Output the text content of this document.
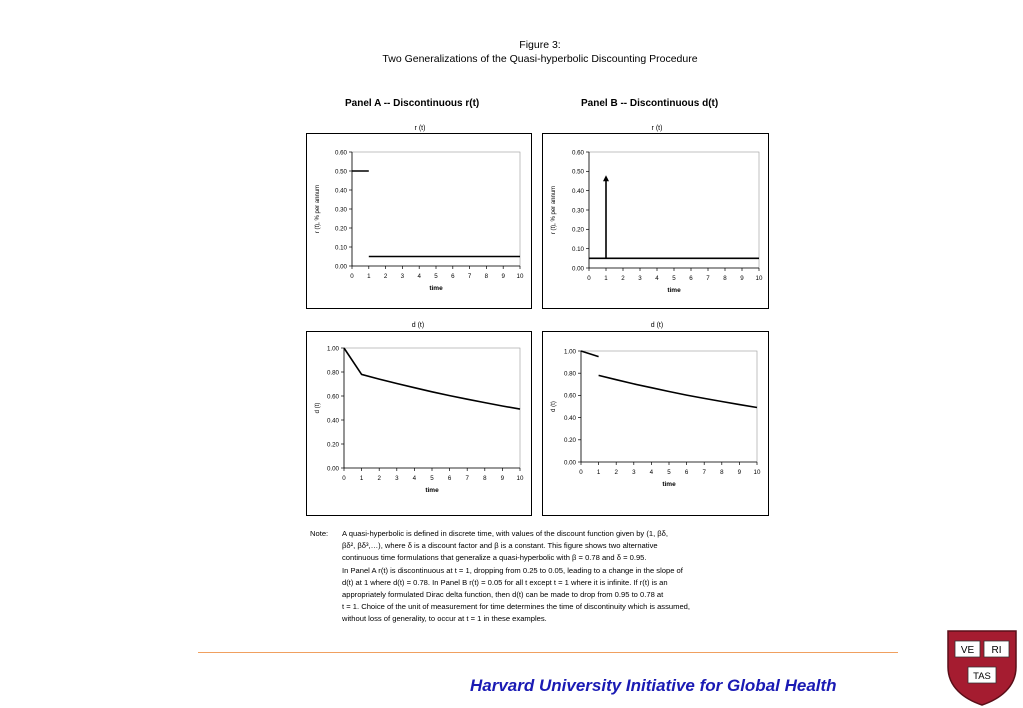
Figure 3:
Two Generalizations of the Quasi-hyperbolic Discounting Procedure
Panel A -- Discontinuous r(t)	Panel B -- Discontinuous d(t)
r (t)	r (t)
d (t)	d (t)
0.00
0.10
0.20
0.30
0.40
0.50
0.60
0 1 2 3 4 5 6 7 8 9 10
time
r (t), % per annum
0.00
0.10
0.20
0.30
0.40
0.50
0.60
0 1 2 3 4 5 6 7 8 9 10
time
r (t), % per annum
0.00
0.20
0.40
0.60
0.80
1.00
0 1 2 3 4 5 6 7 8 9 10
time
d (t)
0.00
0.20
0.40
0.60
0.80
1.00
0 1 2 3 4 5 6 7 8 9 10
time
d (t)
Note: A quasi-hyperbolic is defined in discrete time, with values of the discount function given by (1, βδ,
βδ², βδ³,…), where δ is a discount factor and β is a constant. This figure shows two alternative
continuous time formulations that generalize a quasi-hyperbolic with β = 0.78 and δ = 0.95.
In Panel A r(t) is discontinuous at t = 1, dropping from 0.25 to 0.05, leading to a change in the slope of
d(t) at 1 where d(t) = 0.78. In Panel B r(t) = 0.05 for all t except t = 1 where it is infinite. If r(t) is an
appropriately formulated Dirac delta function, then d(t) can be made to drop from 0.95 to 0.78 at
t = 1. Choice of the unit of measurement for time determines the time of discontinuity which is assumed,
without loss of generality, to occur at t = 1 in these examples.
Harvard University Initiative for Global Health
VE RI
TAS
